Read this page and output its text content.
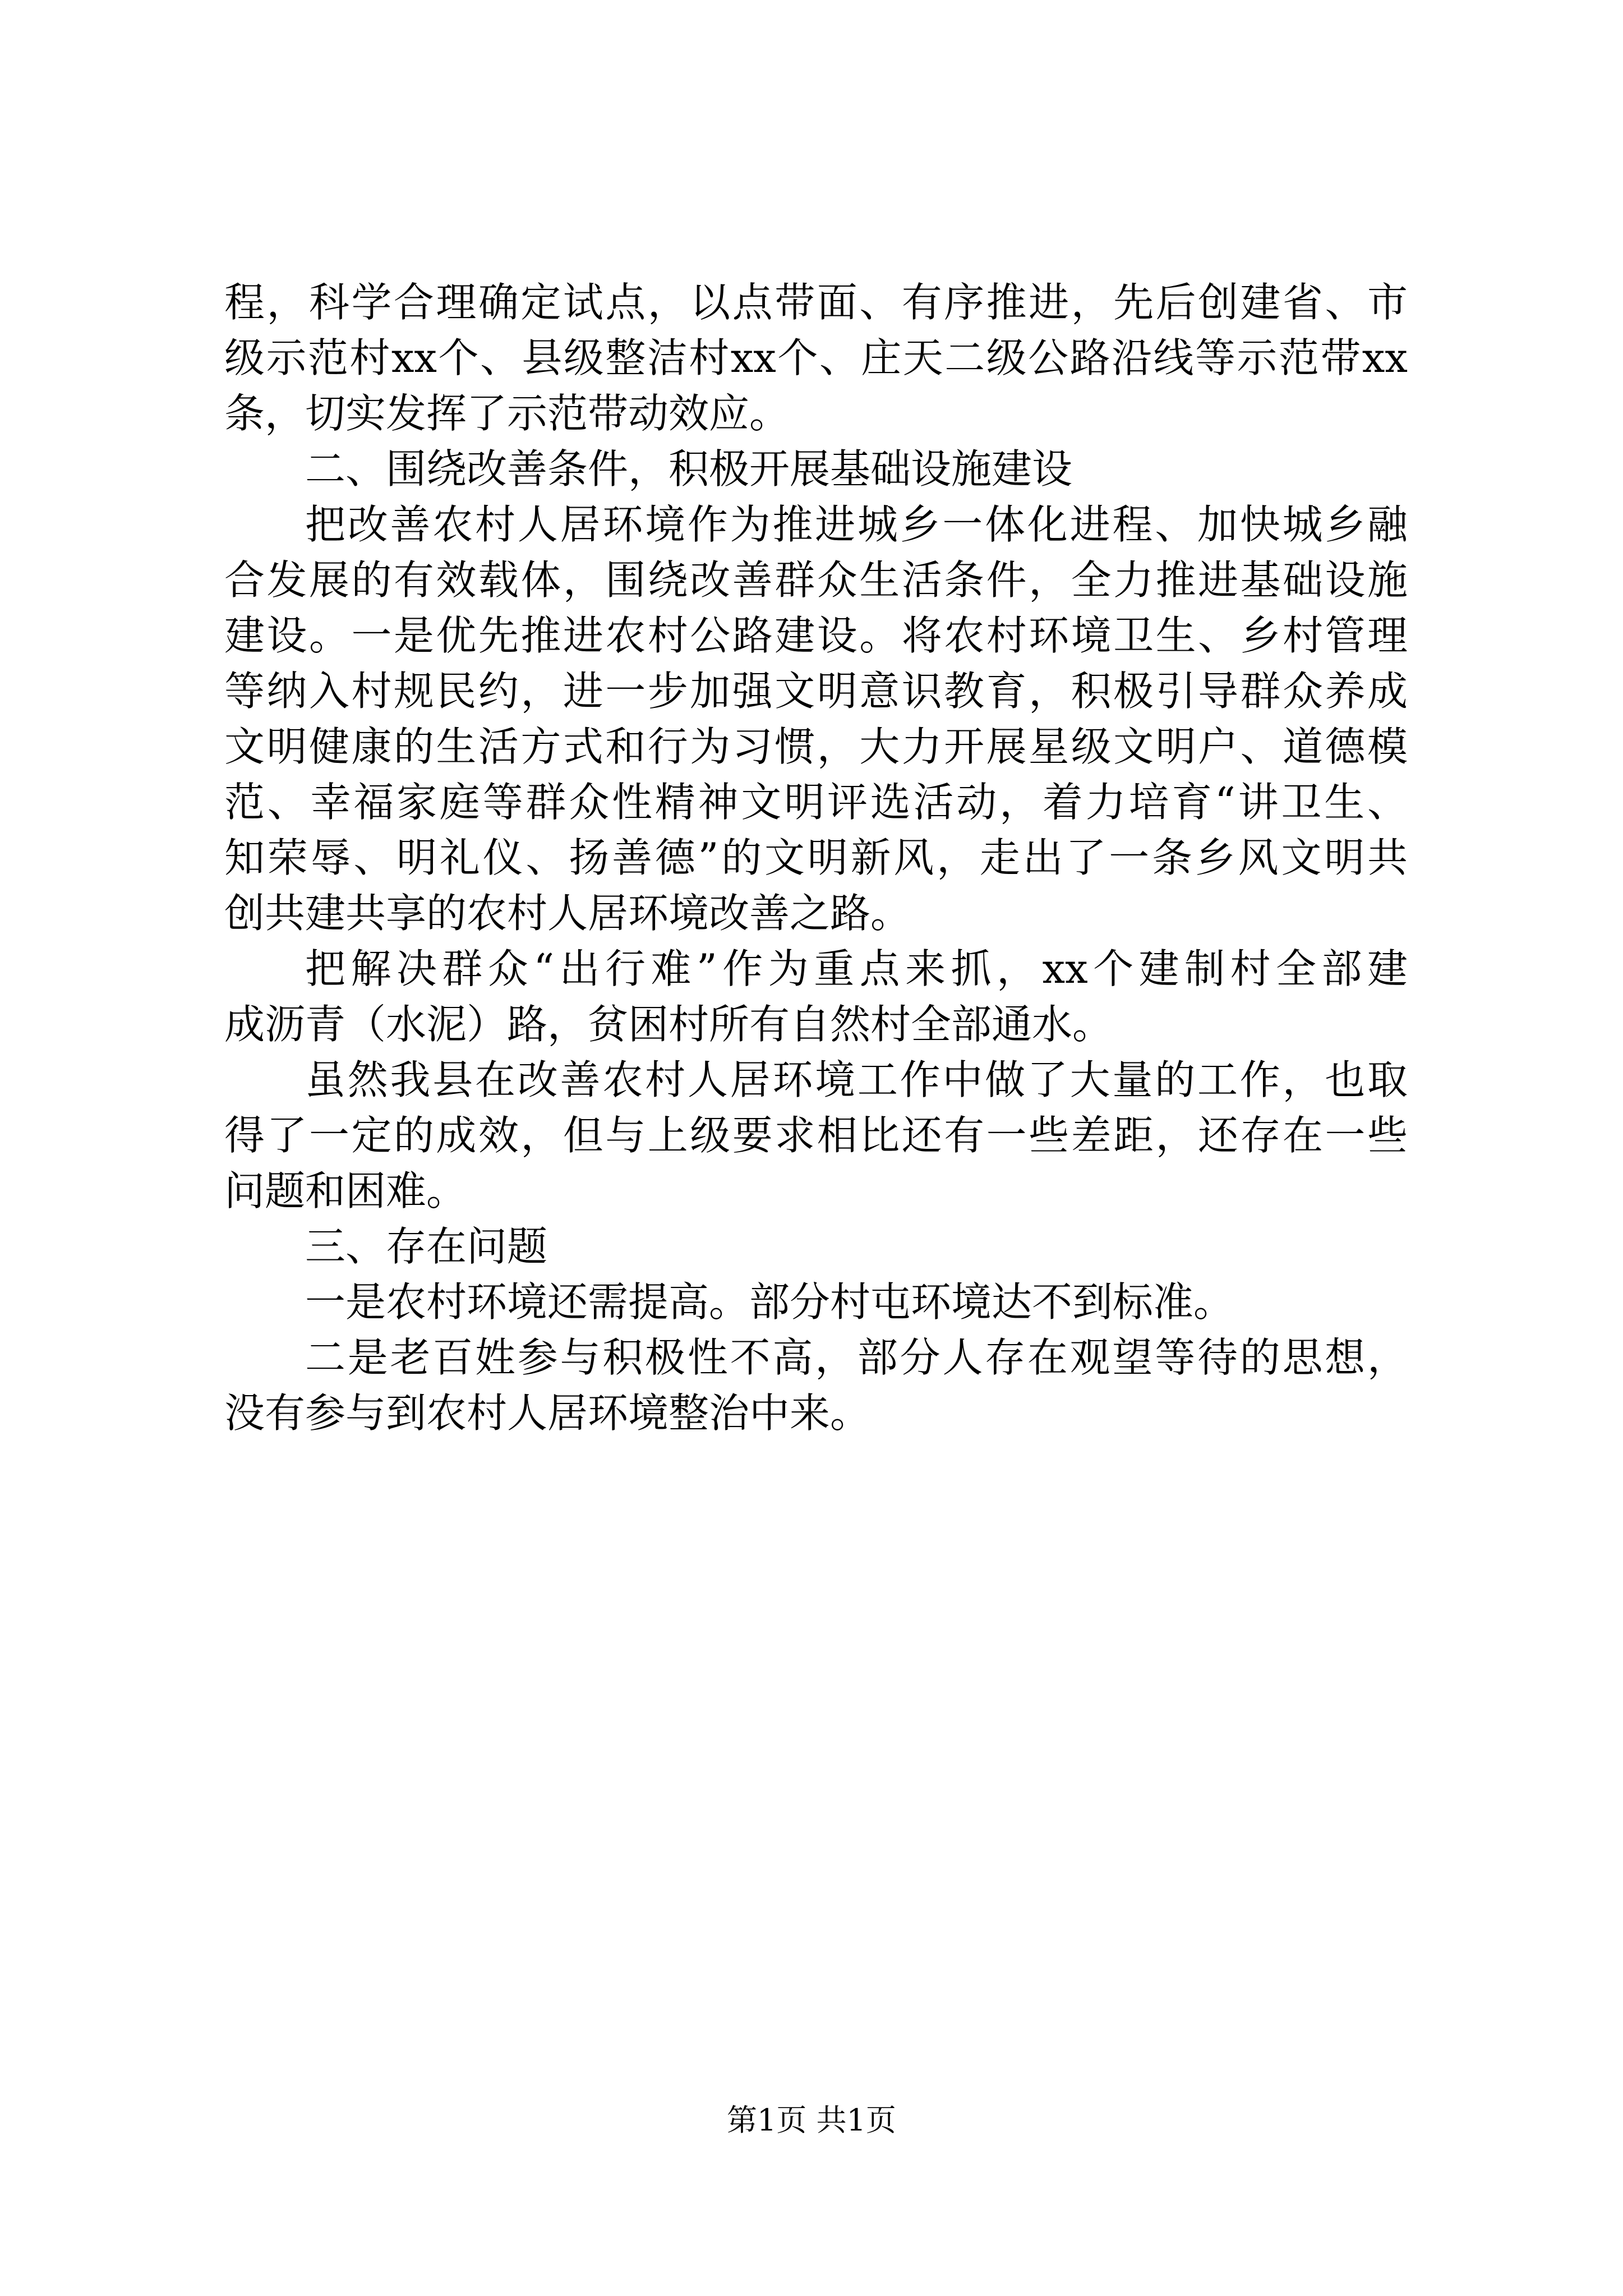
程，科学合理确定试点，以点带面、有序推进，先后创建省、市
级示范村xx个、县级整洁村xx个、庄天二级公路沿线等示范带xx
条，切实发挥了示范带动效应。
二、围绕改善条件，积极开展基础设施建设
把改善农村人居环境作为推进城乡一体化进程、加快城乡融
合发展的有效载体，围绕改善群众生活条件，全力推进基础设施
建设。一是优先推进农村公路建设。将农村环境卫生、乡村管理
等纳入村规民约，进一步加强文明意识教育，积极引导群众养成
文明健康的生活方式和行为习惯，大力开展星级文明户、道德模
范、幸福家庭等群众性精神文明评选活动，着力培育“讲卫生、
知荣辱、明礼仪、扬善德”的文明新风，走出了一条乡风文明共
创共建共享的农村人居环境改善之路。
把解决群众“出行难”作为重点来抓，xx个建制村全部建
成沥青（水泥）路，贫困村所有自然村全部通水。
虽然我县在改善农村人居环境工作中做了大量的工作，也取
得了一定的成效，但与上级要求相比还有一些差距，还存在一些
问题和困难。
三、存在问题
一是农村环境还需提高。部分村屯环境达不到标准。
二是老百姓参与积极性不高，部分人存在观望等待的思想，
没有参与到农村人居环境整治中来。
第1页 共1页
